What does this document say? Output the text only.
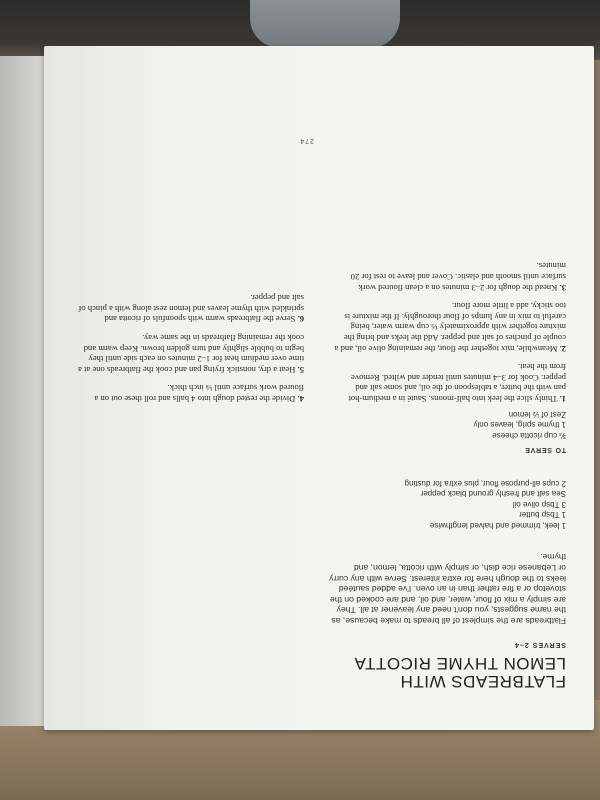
274
FLATBREADS WITH LEMON THYME RICOTTA
SERVES 2–4
Flatbreads are the simplest of all breads to make because, as the name suggests, you don't need any leavener at all. They are simply a mix of flour, water, and oil, and are cooked on the stovetop or a fire rather than in an oven. I've added sautéed leeks to the dough here for extra interest. Serve with any curry or Lebanese rice dish, or simply with ricotta, lemon, and thyme.
1 leek, trimmed and halved lengthwise
1 Tbsp butter
3 Tbsp olive oil
Sea salt and freshly ground black pepper
2 cups all-purpose flour, plus extra for dusting
TO SERVE
¾ cup ricotta cheese
1 thyme sprig, leaves only
Zest of ½ lemon

1. Thinly slice the leek into half-moons. Sauté in a medium-hot pan with the butter, a tablespoon of the oil, and some salt and pepper. Cook for 3–4 minutes until tender and wilted. Remove from the heat.

2. Meanwhile, mix together the flour, the remaining olive oil, and a couple of pinches of salt and pepper. Add the leeks and bring the mixture together with approximately ⅓ cup warm water, being careful to mix in any lumps of flour thoroughly. If the mixture is too sticky, add a little more flour.

3. Knead the dough for 2–3 minutes on a clean floured work surface until smooth and elastic. Cover and leave to rest for 20 minutes.

4. Divide the rested dough into 4 balls and roll these out on a floured work surface until ⅛ inch thick.

5. Heat a dry, nonstick frying pan and cook the flatbreads one at a time over medium heat for 1–2 minutes on each side until they begin to bubble slightly and turn golden brown. Keep warm and cook the remaining flatbreads in the same way.

6. Serve the flatbreads warm with spoonfuls of ricotta and sprinkled with thyme leaves and lemon zest along with a pinch of salt and pepper.
